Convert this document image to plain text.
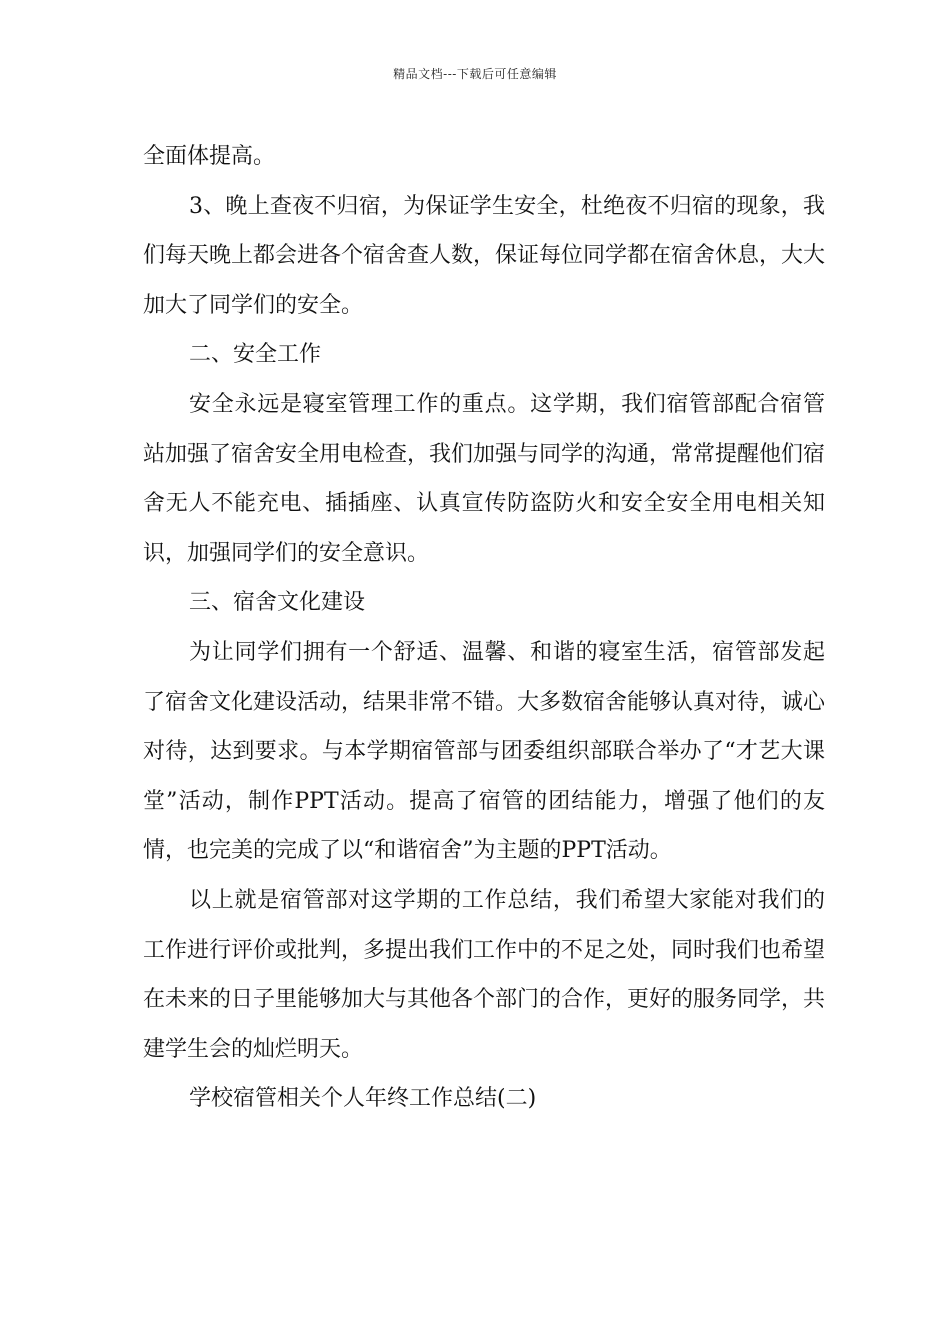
精品文档---下载后可任意编辑

全面体提高。

3、晚上查夜不归宿，为保证学生安全，杜绝夜不归宿的现象，我们每天晚上都会进各个宿舍查人数，保证每位同学都在宿舍休息，大大加大了同学们的安全。

二、安全工作

安全永远是寝室管理工作的重点。这学期，我们宿管部配合宿管站加强了宿舍安全用电检查，我们加强与同学的沟通，常常提醒他们宿舍无人不能充电、插插座、认真宣传防盗防火和安全安全用电相关知识，加强同学们的安全意识。

三、宿舍文化建设

为让同学们拥有一个舒适、温馨、和谐的寝室生活，宿管部发起了宿舍文化建设活动，结果非常不错。大多数宿舍能够认真对待，诚心对待，达到要求。与本学期宿管部与团委组织部联合举办了“才艺大课堂”活动，制作PPT活动。提高了宿管的团结能力，增强了他们的友情，也完美的完成了以“和谐宿舍”为主题的PPT活动。

以上就是宿管部对这学期的工作总结，我们希望大家能对我们的工作进行评价或批判，多提出我们工作中的不足之处，同时我们也希望在未来的日子里能够加大与其他各个部门的合作，更好的服务同学，共建学生会的灿烂明天。

学校宿管相关个人年终工作总结(二)
